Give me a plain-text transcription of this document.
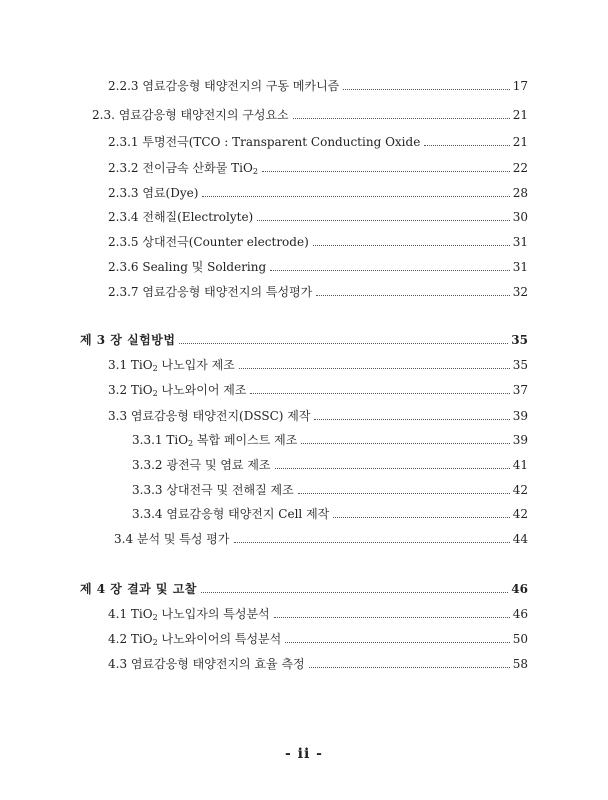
2.2.3 염료감응형 태양전지의 구동 메카니즘	17
2.3. 염료감응형 태양전지의 구성요소	21
2.3.1 투명전극(TCO : Transparent Conducting Oxide	21
2.3.2 전이금속 산화물 TiO$_2$	22
2.3.3 염료(Dye)	28
2.3.4 전해질(Electrolyte)	30
2.3.5 상대전극(Counter electrode)	31
2.3.6 Sealing 및 Soldering	31
2.3.7 염료감응형 태양전지의 특성평가	32
제 3 장 실험방법	35
3.1 TiO$_2$ 나노입자 제조	35
3.2 TiO$_2$ 나노와이어 제조	37
3.3 염료감응형 태양전지(DSSC) 제작	39
3.3.1 TiO$_2$ 복합 페이스트 제조	39
3.3.2 광전극 및 염료 제조	41
3.3.3 상대전극 및 전해질 제조	42
3.3.4 염료감응형 태양전지 Cell 제작	42
3.4 분석 및 특성 평가	44
제 4 장 결과 및 고찰	46
4.1 TiO$_2$ 나노입자의 특성분석	46
4.2 TiO$_2$ 나노와이어의 특성분석	50
4.3 염료감응형 태양전지의 효율 측정	58
- ii -
